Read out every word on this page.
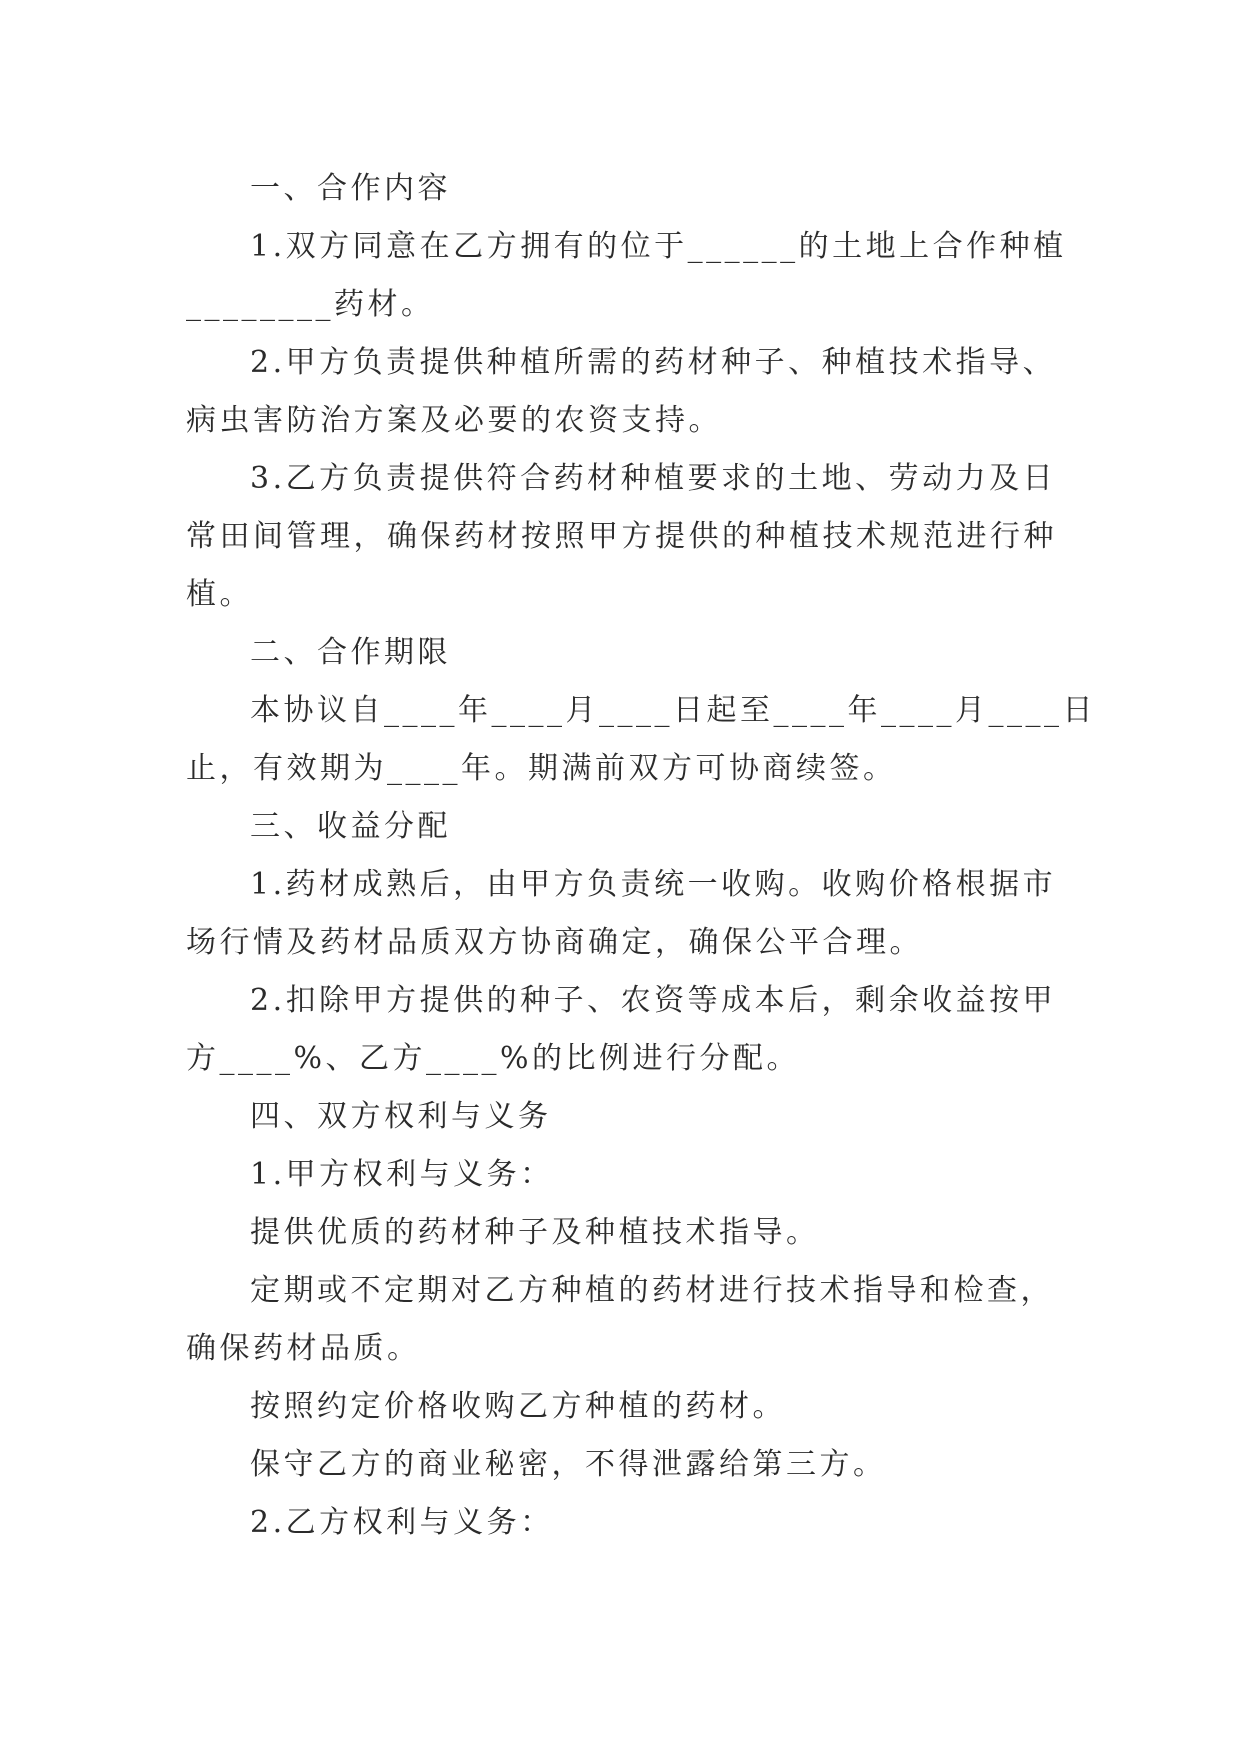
一、合作内容
1.双方同意在乙方拥有的位于______的土地上合作种植
________药材。
2.甲方负责提供种植所需的药材种子、种植技术指导、
病虫害防治方案及必要的农资支持。
3.乙方负责提供符合药材种植要求的土地、劳动力及日
常田间管理，确保药材按照甲方提供的种植技术规范进行种
植。
二、合作期限
本协议自____年____月____日起至____年____月____日
止，有效期为____年。期满前双方可协商续签。
三、收益分配
1.药材成熟后，由甲方负责统一收购。收购价格根据市
场行情及药材品质双方协商确定，确保公平合理。
2.扣除甲方提供的种子、农资等成本后，剩余收益按甲
方____%、乙方____%的比例进行分配。
四、双方权利与义务
1.甲方权利与义务：
提供优质的药材种子及种植技术指导。
定期或不定期对乙方种植的药材进行技术指导和检查，
确保药材品质。
按照约定价格收购乙方种植的药材。
保守乙方的商业秘密，不得泄露给第三方。
2.乙方权利与义务：
